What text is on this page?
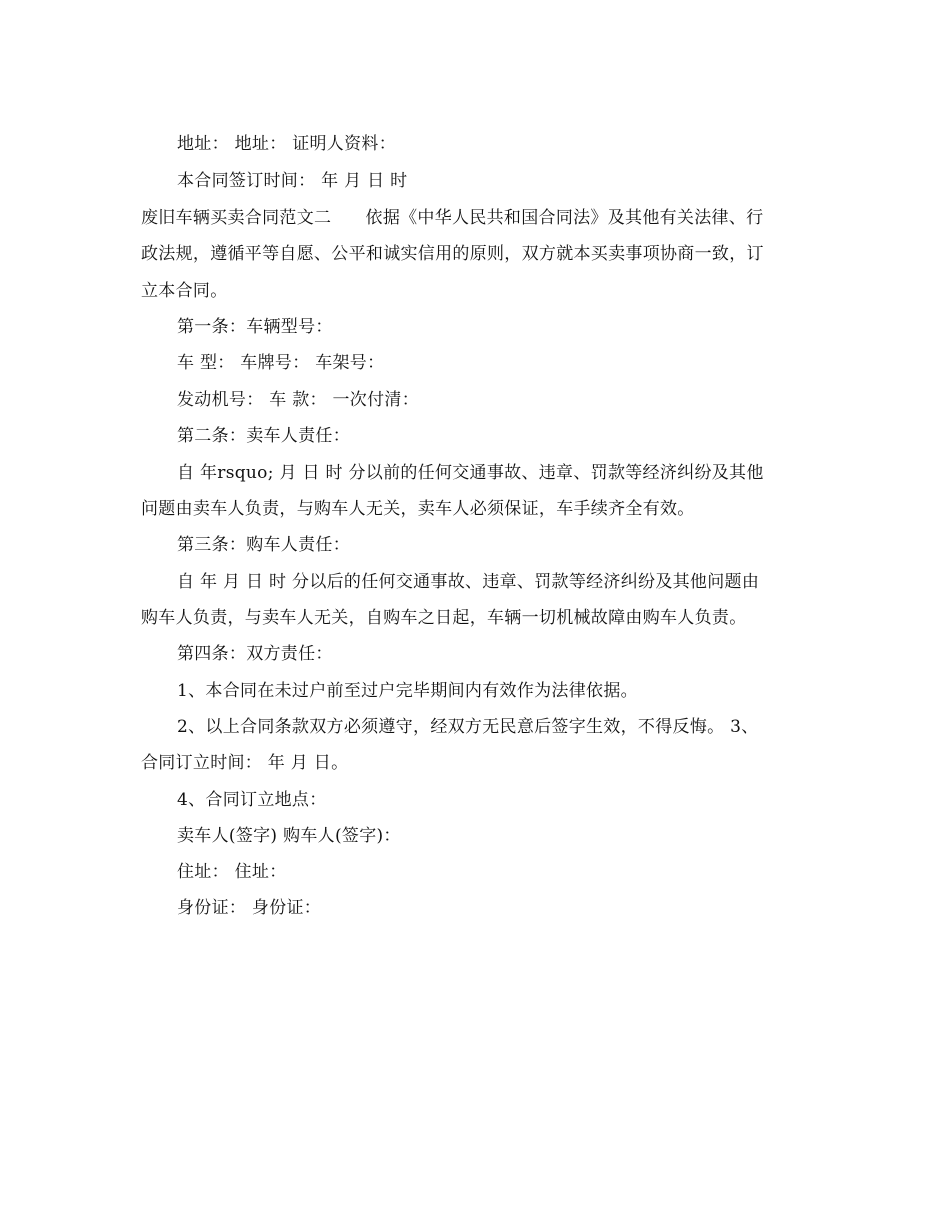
地址： 地址： 证明人资料：
本合同签订时间： 年 月 日 时
废旧车辆买卖合同范文二      依据《中华人民共和国合同法》及其他有关法律、行
政法规，遵循平等自愿、公平和诚实信用的原则，双方就本买卖事项协商一致，订
立本合同。
第一条：车辆型号：
车 型： 车牌号： 车架号：
发动机号： 车 款： 一次付清：
第二条：卖车人责任：
自 年rsquo; 月 日 时 分以前的任何交通事故、违章、罚款等经济纠纷及其他
问题由卖车人负责，与购车人无关，卖车人必须保证，车手续齐全有效。
第三条：购车人责任：
自 年 月 日 时 分以后的任何交通事故、违章、罚款等经济纠纷及其他问题由
购车人负责，与卖车人无关，自购车之日起，车辆一切机械故障由购车人负责。
第四条：双方责任：
1、本合同在未过户前至过户完毕期间内有效作为法律依据。
2、以上合同条款双方必须遵守，经双方无民意后签字生效，不得反悔。 3、
合同订立时间： 年 月 日。
4、合同订立地点：
卖车人(签字) 购车人(签字)：
住址： 住址：
身份证： 身份证：
